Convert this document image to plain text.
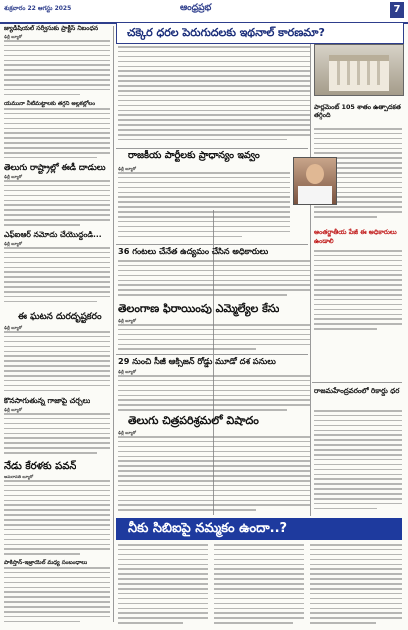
శుక్రవారం 22 ఆగస్టు 2025	ఆంధ్రప్రభ	7
చక్కెర ధరల పెరుగుదలకు ఇథనాల్ కారణమా?
జ్యుడీషియల్ సర్వీసుకు ప్రాక్టీస్ నిబంధన
ఢిల్లీ బ్యూరో
యమునా నీటిమట్టాలకు తగ్గని అల్లకల్లోలం
తెలుగు రాష్ట్రాల్లో ఈడీ దాడులు
ఢిల్లీ బ్యూరో
ఎఫ్ఐఆర్ నమోదు చేయొద్దండి...
ఢిల్లీ బ్యూరో
ఈ ఘటన దురదృష్టకరం
ఢిల్లీ బ్యూరో
కొనసాగుతున్న గాజాపై చర్చలు
ఢిల్లీ బ్యూరో
నేడు కేరళకు పవన్
అమరావతి బ్యూరో
పాకిస్తాన్-ఇజ్రాయెల్ మధ్య సంబంధాలు
పార్లమెంట్ 105 శాతం ఉత్పాదకత తగ్గింది
రాజకీయ పార్టీలకు ప్రాధాన్యం ఇవ్వం
ఢిల్లీ బ్యూరో
36 గంటలు చేనేత ఉద్యమం చేసిన అధికారులు
తెలంగాణ ఫిరాయింపు ఎమ్మెల్యేల కేసు
ఢిల్లీ బ్యూరో
29 నుంచి సీజీ ఆక్సిజన్ రోడ్డు మూడో దశ పనులు
ఢిల్లీ బ్యూరో
తెలుగు చిత్రపరిశ్రమలో విషాదం
ఢిల్లీ బ్యూరో
అంతర్జాతీయ పేజీ ఈ అధికారులు ఉండాలి
రాజమహేంద్రవరంలో రికార్డు ధర
నీకు సిబిఐపై నమ్మకం ఉందా..?
